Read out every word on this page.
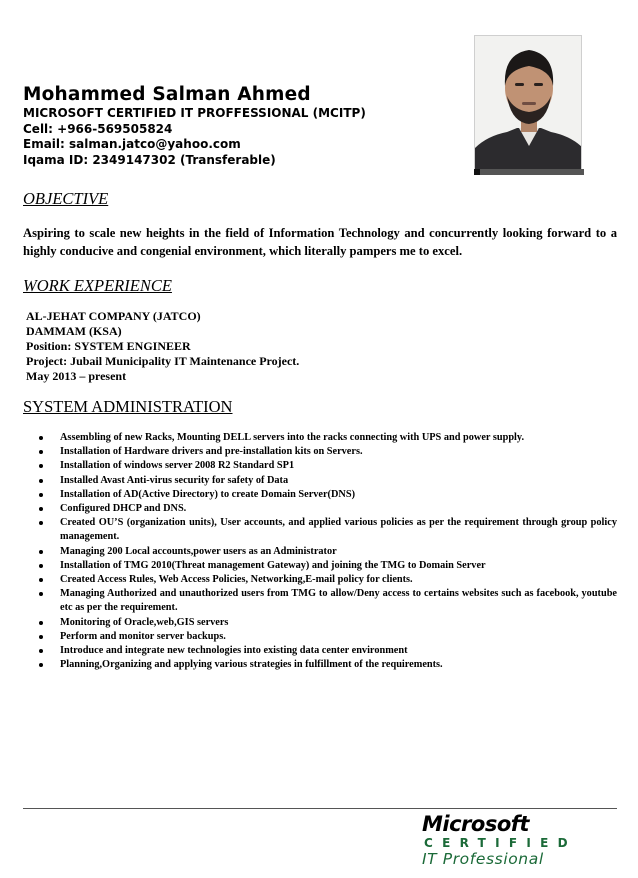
Mohammed Salman Ahmed
MICROSOFT CERTIFIED IT PROFFESSIONAL (MCITP)
Cell: +966-569505824
Email: salman.jatco@yahoo.com
Iqama ID: 2349147302 (Transferable)
OBJECTIVE
Aspiring to scale new heights in the field of Information Technology and concurrently looking forward to a highly conducive and congenial environment, which literally pampers me to excel.
WORK EXPERIENCE
AL-JEHAT COMPANY (JATCO)
DAMMAM (KSA)
Position: SYSTEM ENGINEER
Project: Jubail Municipality IT Maintenance Project.
May 2013 – present
SYSTEM ADMINISTRATION
Assembling of new Racks, Mounting DELL servers into the racks connecting with UPS and power supply.
Installation of Hardware drivers and pre-installation kits on Servers.
Installation of windows server 2008 R2 Standard SP1
Installed Avast Anti-virus security for safety of Data
Installation of AD(Active Directory) to create Domain Server(DNS)
Configured DHCP and DNS.
Created OU’S (organization units), User accounts, and applied various policies as per the requirement through group policy management.
Managing 200 Local accounts,power users as an Administrator
Installation of TMG 2010(Threat management Gateway) and joining the TMG to Domain Server
Created Access Rules, Web Access Policies, Networking,E-mail policy for clients.
Managing Authorized and unauthorized users from TMG to allow/Deny access to certains websites such as facebook, youtube etc as per the requirement.
Monitoring of Oracle,web,GIS servers
Perform and monitor server backups.
Introduce and integrate new technologies into existing data center environment
Planning,Organizing and applying various strategies in fulfillment of the requirements.
Microsoft
CERTIFIED
IT Professional
